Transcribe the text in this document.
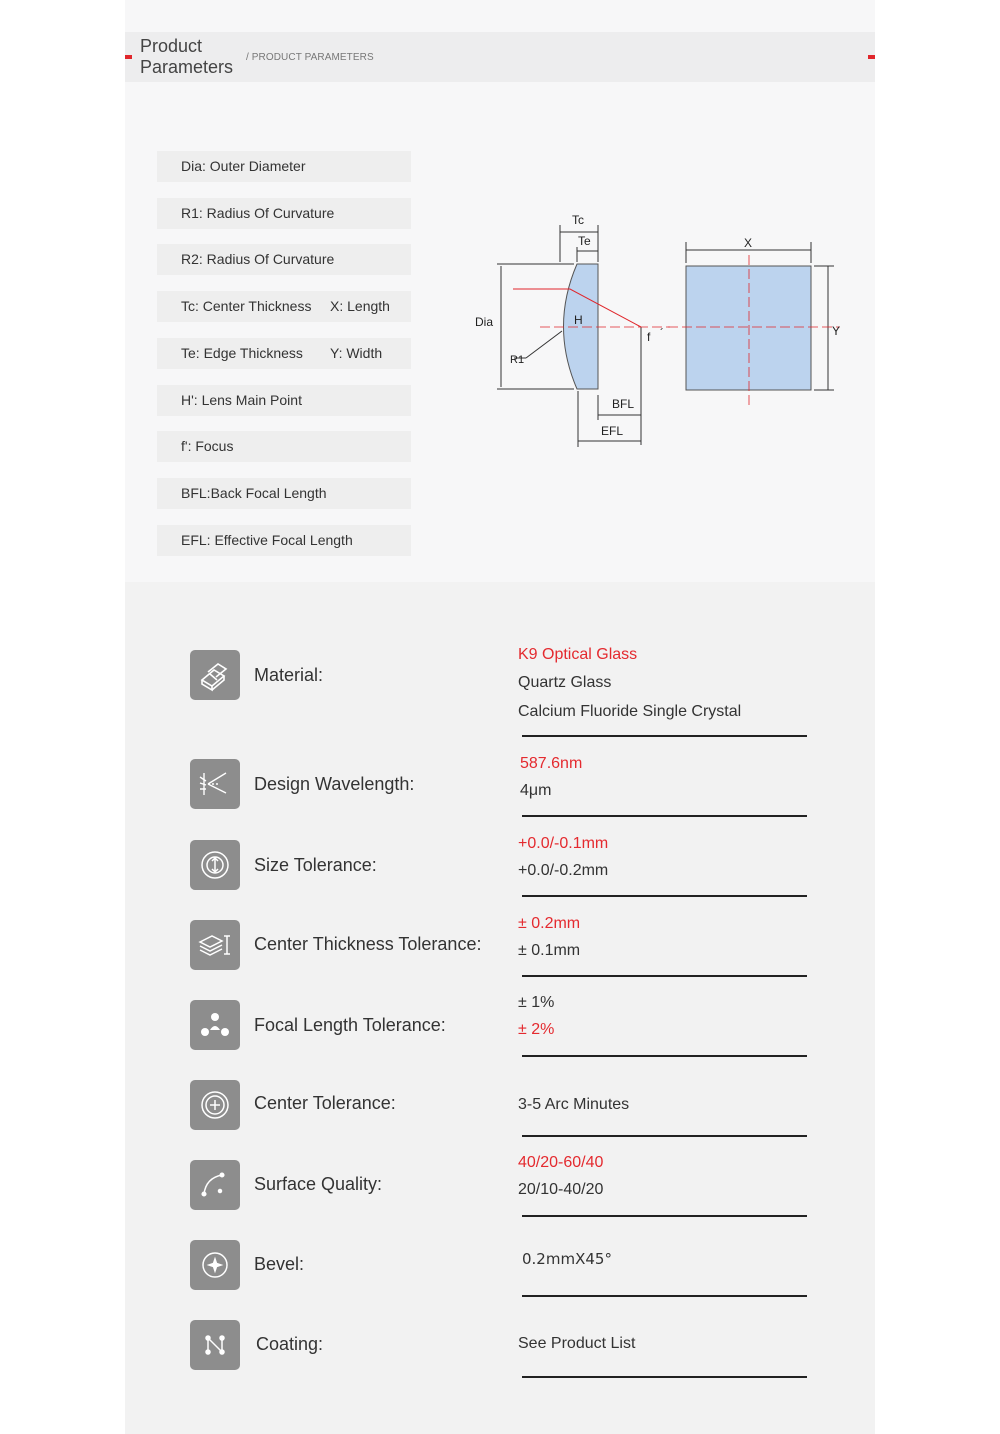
Product
Parameters / PRODUCT PARAMETERS
Dia: Outer Diameter
R1: Radius Of Curvature
R2: Radius Of Curvature
Tc: Center Thickness X: Length
Te: Edge Thickness Y: Width
H': Lens Main Point
f': Focus
BFL:Back Focal Length
EFL: Effective Focal Length
Tc
Te
Dia	H
f ´
R1
BFL
EFL
X
Y
Material:
K9 Optical Glass
Quartz Glass
Calcium Fluoride Single Crystal
Design Wavelength:
587.6nm
4μm
Size Tolerance:
+0.0/-0.1mm
+0.0/-0.2mm
Center Thickness Tolerance:
± 0.2mm
± 0.1mm
Focal Length Tolerance:
± 1%
± 2%
Center Tolerance:	3-5 Arc Minutes
Surface Quality:
40/20-60/40
20/10-40/20
Bevel:	0.2mmX45°
Coating:	See Product List
